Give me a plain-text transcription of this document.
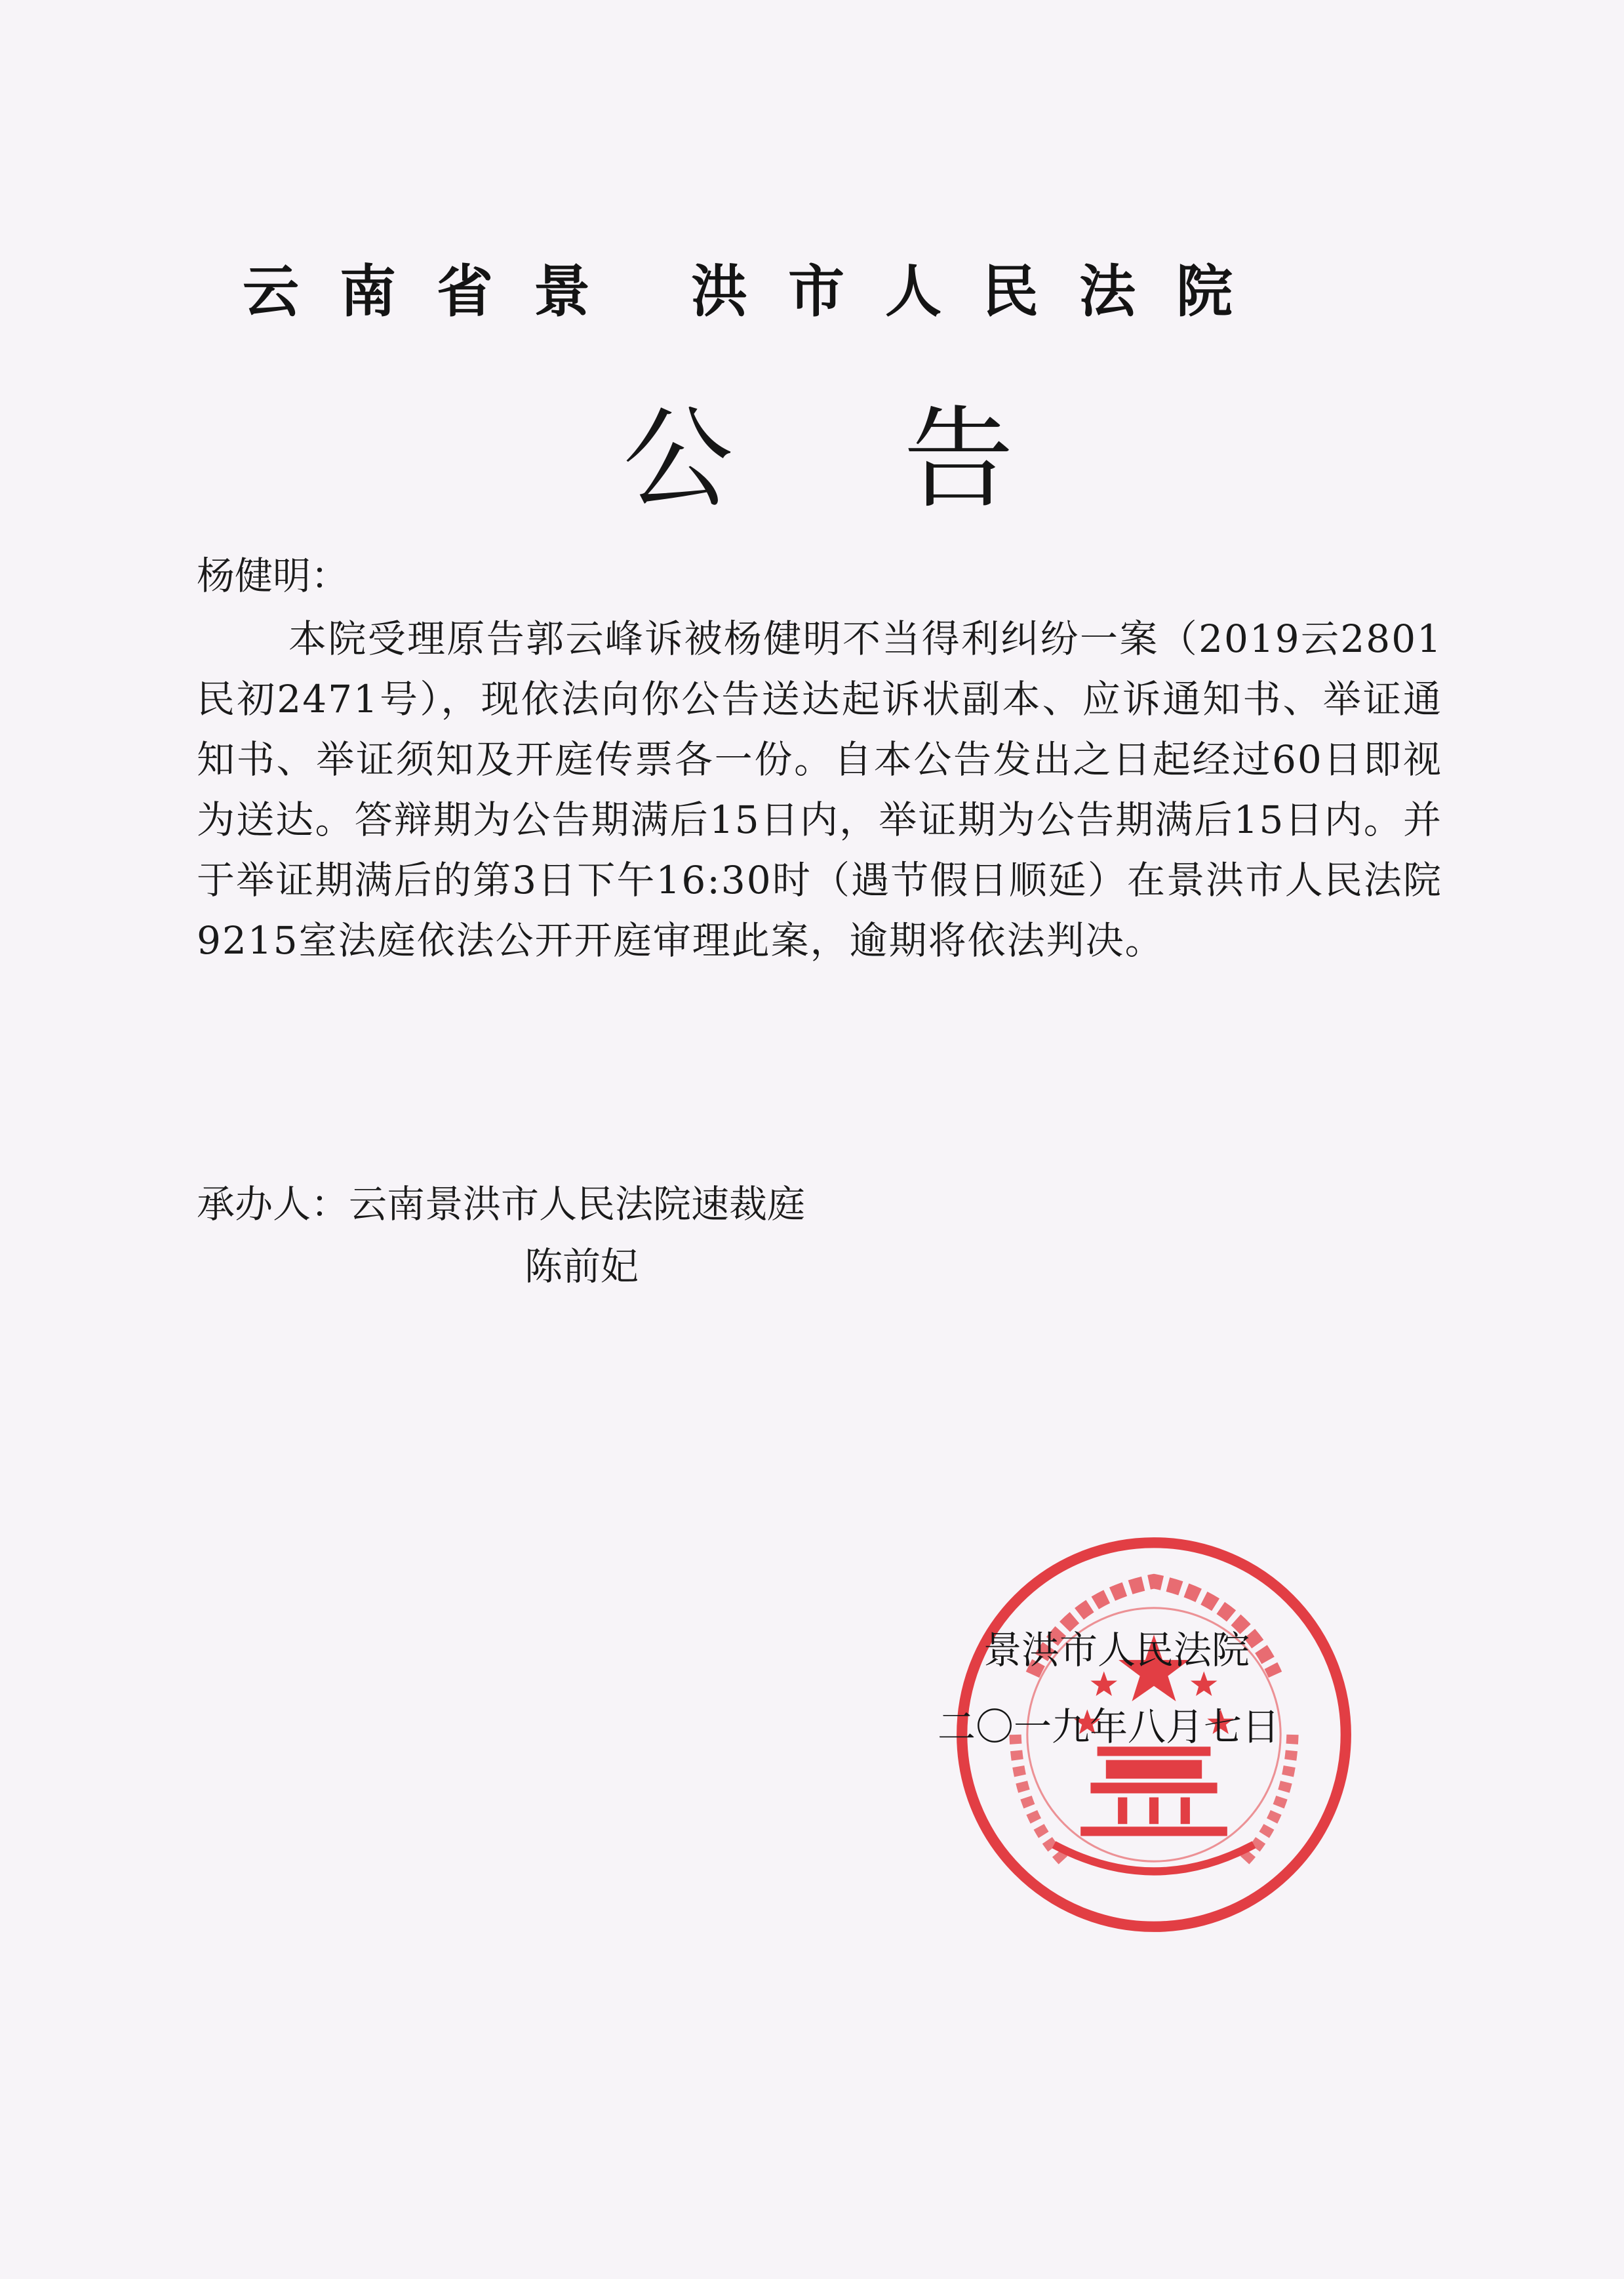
云南省景 洪市人民法院
公告
杨健明：

本院受理原告郭云峰诉被杨健明不当得利纠纷一案（2019云2801民初2471号），现依法向你公告送达起诉状副本、应诉通知书、举证通知书、举证须知及开庭传票各一份。自本公告发出之日起经过60日即视为送达。答辩期为公告期满后15日内，举证期为公告期满后15日内。并于举证期满后的第3日下午16:30时（遇节假日顺延）在景洪市人民法院9215室法庭依法公开开庭审理此案，逾期将依法判决。

承办人：云南景洪市人民法院速裁庭
陈前妃
景洪市人民法院
二〇一九年八月七日
